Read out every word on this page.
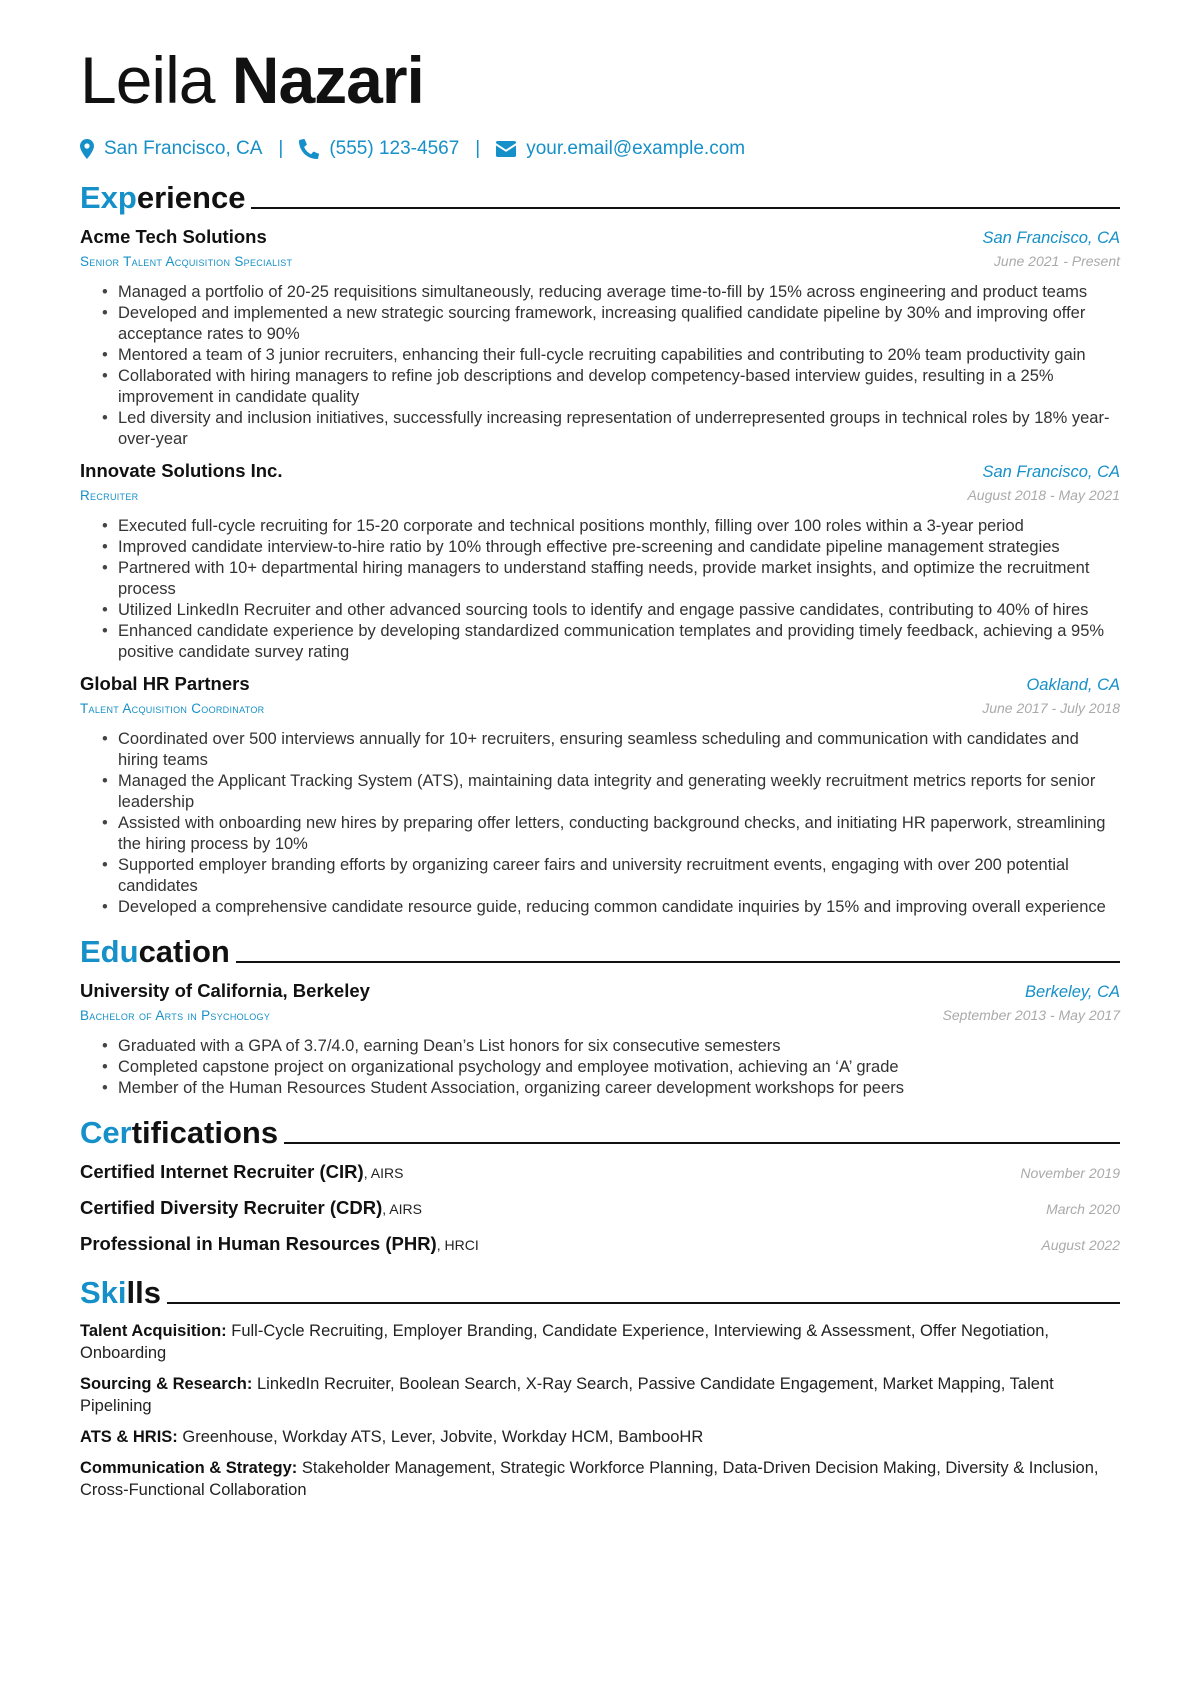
Leila Nazari
San Francisco, CA | (555) 123-4567 | your.email@example.com
Experience
Acme Tech Solutions	San Francisco, CA
Senior Talent Acquisition Specialist	June 2021 - Present
• Managed a portfolio of 20-25 requisitions simultaneously, reducing average time-to-fill by 15% across engineering and product teams
• Developed and implemented a new strategic sourcing framework, increasing qualified candidate pipeline by 30% and improving offer acceptance rates to 90%
• Mentored a team of 3 junior recruiters, enhancing their full-cycle recruiting capabilities and contributing to 20% team productivity gain
• Collaborated with hiring managers to refine job descriptions and develop competency-based interview guides, resulting in a 25% improvement in candidate quality
• Led diversity and inclusion initiatives, successfully increasing representation of underrepresented groups in technical roles by 18% year-over-year
Innovate Solutions Inc.	San Francisco, CA
Recruiter	August 2018 - May 2021
• Executed full-cycle recruiting for 15-20 corporate and technical positions monthly, filling over 100 roles within a 3-year period
• Improved candidate interview-to-hire ratio by 10% through effective pre-screening and candidate pipeline management strategies
• Partnered with 10+ departmental hiring managers to understand staffing needs, provide market insights, and optimize the recruitment process
• Utilized LinkedIn Recruiter and other advanced sourcing tools to identify and engage passive candidates, contributing to 40% of hires
• Enhanced candidate experience by developing standardized communication templates and providing timely feedback, achieving a 95% positive candidate survey rating
Global HR Partners	Oakland, CA
Talent Acquisition Coordinator	June 2017 - July 2018
• Coordinated over 500 interviews annually for 10+ recruiters, ensuring seamless scheduling and communication with candidates and hiring teams
• Managed the Applicant Tracking System (ATS), maintaining data integrity and generating weekly recruitment metrics reports for senior leadership
• Assisted with onboarding new hires by preparing offer letters, conducting background checks, and initiating HR paperwork, streamlining the hiring process by 10%
• Supported employer branding efforts by organizing career fairs and university recruitment events, engaging with over 200 potential candidates
• Developed a comprehensive candidate resource guide, reducing common candidate inquiries by 15% and improving overall experience
Education
University of California, Berkeley	Berkeley, CA
Bachelor of Arts in Psychology	September 2013 - May 2017
• Graduated with a GPA of 3.7/4.0, earning Dean’s List honors for six consecutive semesters
• Completed capstone project on organizational psychology and employee motivation, achieving an ‘A’ grade
• Member of the Human Resources Student Association, organizing career development workshops for peers
Certifications
Certified Internet Recruiter (CIR), AIRS	November 2019
Certified Diversity Recruiter (CDR), AIRS	March 2020
Professional in Human Resources (PHR), HRCI	August 2022
Skills
Talent Acquisition: Full-Cycle Recruiting, Employer Branding, Candidate Experience, Interviewing & Assessment, Offer Negotiation, Onboarding
Sourcing & Research: LinkedIn Recruiter, Boolean Search, X-Ray Search, Passive Candidate Engagement, Market Mapping, Talent Pipelining
ATS & HRIS: Greenhouse, Workday ATS, Lever, Jobvite, Workday HCM, BambooHR
Communication & Strategy: Stakeholder Management, Strategic Workforce Planning, Data-Driven Decision Making, Diversity & Inclusion, Cross-Functional Collaboration
